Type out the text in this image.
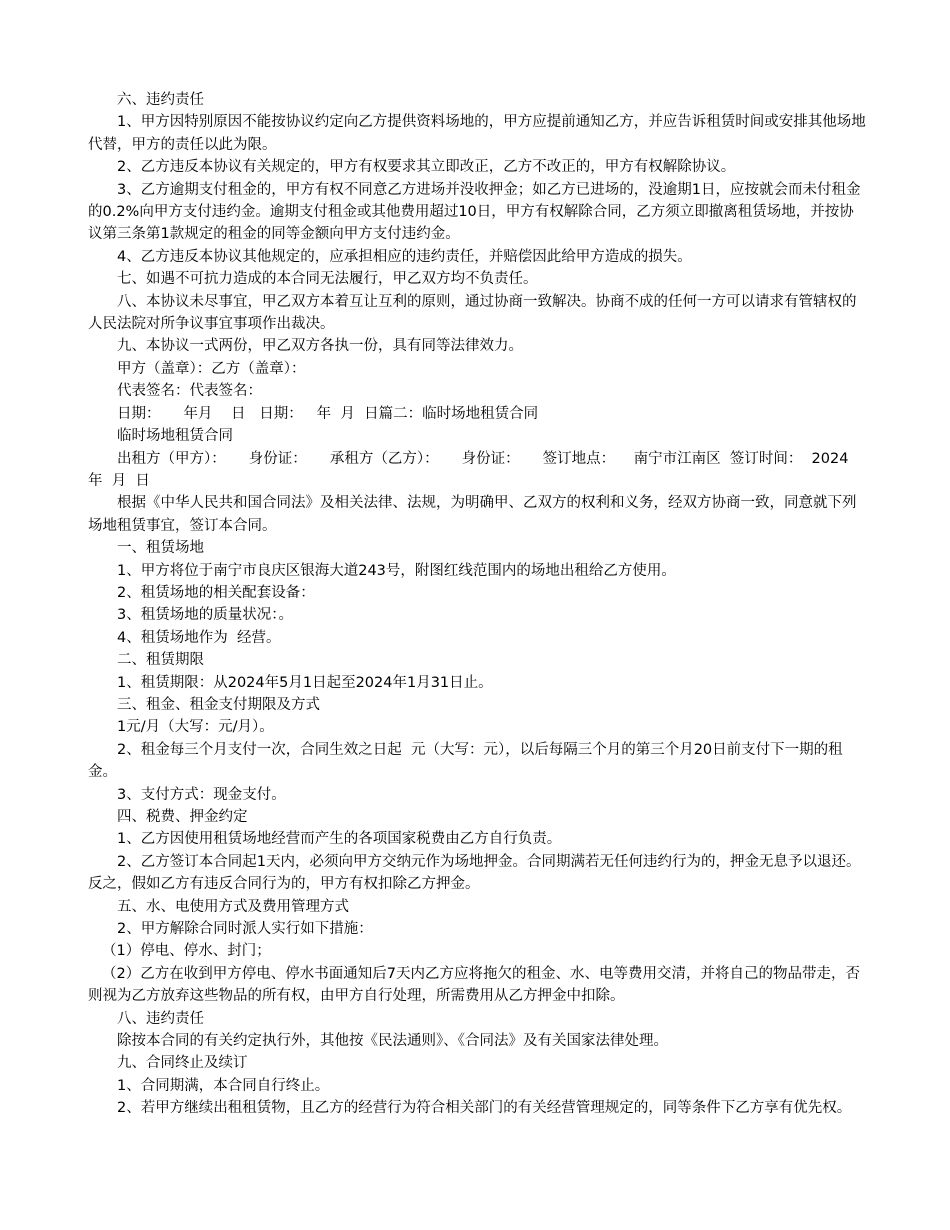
六、违约责任

1、甲方因特别原因不能按协议约定向乙方提供资料场地的，甲方应提前通知乙方，并应告诉租赁时间或安排其他场地代替，甲方的责任以此为限。

2、乙方违反本协议有关规定的，甲方有权要求其立即改正，乙方不改正的，甲方有权解除协议。

3、乙方逾期支付租金的，甲方有权不同意乙方进场并没收押金；如乙方已进场的，没逾期1日，应按就会而未付租金的0.2%向甲方支付违约金。逾期支付租金或其他费用超过10日，甲方有权解除合同，乙方须立即撤离租赁场地，并按协议第三条第1款规定的租金的同等金额向甲方支付违约金。

4、乙方违反本协议其他规定的，应承担相应的违约责任，并赔偿因此给甲方造成的损失。

七、如遇不可抗力造成的本合同无法履行，甲乙双方均不负责任。

八、本协议未尽事宜，甲乙双方本着互让互利的原则，通过协商一致解决。协商不成的任何一方可以请求有管辖权的人民法院对所争议事宜事项作出裁决。

九、本协议一式两份，甲乙双方各执一份，具有同等法律效力。

甲方（盖章）：乙方（盖章）：

代表签名：代表签名：

日期：     年月    日   日期：   年  月  日篇二：临时场地租赁合同

临时场地租赁合同

出租方（甲方）：     身份证：     承租方（乙方）：     身份证：     签订地点：    南宁市江南区  签订时间：  2024年  月  日

根据《中华人民共和国合同法》及相关法律、法规，为明确甲、乙双方的权利和义务，经双方协商一致，同意就下列场地租赁事宜，签订本合同。

一、租赁场地

1、甲方将位于南宁市良庆区银海大道243号，附图红线范围内的场地出租给乙方使用。

2、租赁场地的相关配套设备：

3、租赁场地的质量状况：。

4、租赁场地作为  经营。

二、租赁期限

1、租赁期限：从2024年5月1日起至2024年1月31日止。

三、租金、租金支付期限及方式

1元/月（大写：元/月）。

2、租金每三个月支付一次，合同生效之日起  元（大写：元），以后每隔三个月的第三个月20日前支付下一期的租金。

3、支付方式：现金支付。

四、税费、押金约定

1、乙方因使用租赁场地经营而产生的各项国家税费由乙方自行负责。

2、乙方签订本合同起1天内，必须向甲方交纳元作为场地押金。合同期满若无任何违约行为的，押金无息予以退还。反之，假如乙方有违反合同行为的，甲方有权扣除乙方押金。

五、水、电使用方式及费用管理方式

2、甲方解除合同时派人实行如下措施：

（1）停电、停水、封门；

（2）乙方在收到甲方停电、停水书面通知后7天内乙方应将拖欠的租金、水、电等费用交清，并将自己的物品带走，否则视为乙方放弃这些物品的所有权，由甲方自行处理，所需费用从乙方押金中扣除。

八、违约责任

除按本合同的有关约定执行外，其他按《民法通则》、《合同法》及有关国家法律处理。

九、合同终止及续订

1、合同期满，本合同自行终止。

2、若甲方继续出租租赁物，且乙方的经营行为符合相关部门的有关经营管理规定的，同等条件下乙方享有优先权。
